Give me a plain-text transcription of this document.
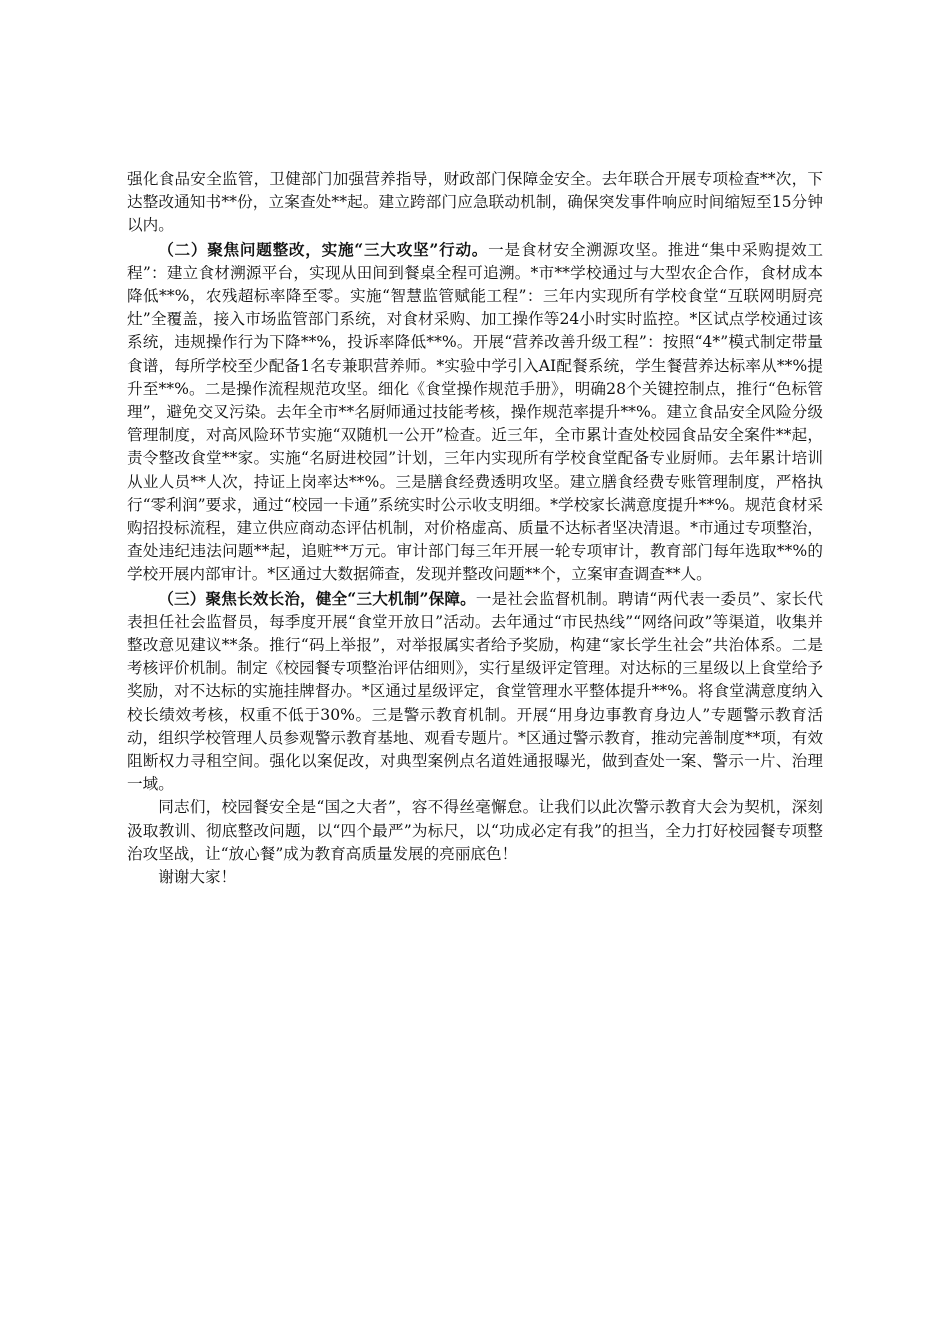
强化食品安全监管，卫健部门加强营养指导，财政部门保障金安全。去年联合开展专项检查**次，下达整改通知书**份，立案查处**起。建立跨部门应急联动机制，确保突发事件响应时间缩短至15分钟以内。

（二）聚焦问题整改，实施“三大攻坚”行动。一是食材安全溯源攻坚。推进“集中采购提效工程”：建立食材溯源平台，实现从田间到餐桌全程可追溯。*市**学校通过与大型农企合作，食材成本降低**%，农残超标率降至零。实施“智慧监管赋能工程”：三年内实现所有学校食堂“互联网明厨亮灶”全覆盖，接入市场监管部门系统，对食材采购、加工操作等24小时实时监控。*区试点学校通过该系统，违规操作行为下降**%，投诉率降低**%。开展“营养改善升级工程”：按照“4*”模式制定带量食谱，每所学校至少配备1名专兼职营养师。*实验中学引入AI配餐系统，学生餐营养达标率从**%提升至**%。二是操作流程规范攻坚。细化《食堂操作规范手册》，明确28个关键控制点，推行“色标管理”，避免交叉污染。去年全市**名厨师通过技能考核，操作规范率提升**%。建立食品安全风险分级管理制度，对高风险环节实施“双随机一公开”检查。近三年，全市累计查处校园食品安全案件**起，责令整改食堂**家。实施“名厨进校园”计划，三年内实现所有学校食堂配备专业厨师。去年累计培训从业人员**人次，持证上岗率达**%。三是膳食经费透明攻坚。建立膳食经费专账管理制度，严格执行“零利润”要求，通过“校园一卡通”系统实时公示收支明细。*学校家长满意度提升**%。规范食材采购招投标流程，建立供应商动态评估机制，对价格虚高、质量不达标者坚决清退。*市通过专项整治，查处违纪违法问题**起，追赃**万元。审计部门每三年开展一轮专项审计，教育部门每年选取**%的学校开展内部审计。*区通过大数据筛查，发现并整改问题**个，立案审查调查**人。

（三）聚焦长效长治，健全“三大机制”保障。一是社会监督机制。聘请“两代表一委员”、家长代表担任社会监督员，每季度开展“食堂开放日”活动。去年通过“市民热线”“网络问政”等渠道，收集并整改意见建议**条。推行“码上举报”，对举报属实者给予奖励，构建“家长学生社会”共治体系。二是考核评价机制。制定《校园餐专项整治评估细则》，实行星级评定管理。对达标的三星级以上食堂给予奖励，对不达标的实施挂牌督办。*区通过星级评定，食堂管理水平整体提升**%。将食堂满意度纳入校长绩效考核，权重不低于30%。三是警示教育机制。开展“用身边事教育身边人”专题警示教育活动，组织学校管理人员参观警示教育基地、观看专题片。*区通过警示教育，推动完善制度**项，有效阻断权力寻租空间。强化以案促改，对典型案例点名道姓通报曝光，做到查处一案、警示一片、治理一域。

同志们，校园餐安全是“国之大者”，容不得丝毫懈怠。让我们以此次警示教育大会为契机，深刻汲取教训、彻底整改问题，以“四个最严”为标尺，以“功成必定有我”的担当，全力打好校园餐专项整治攻坚战，让“放心餐”成为教育高质量发展的亮丽底色！

谢谢大家！
